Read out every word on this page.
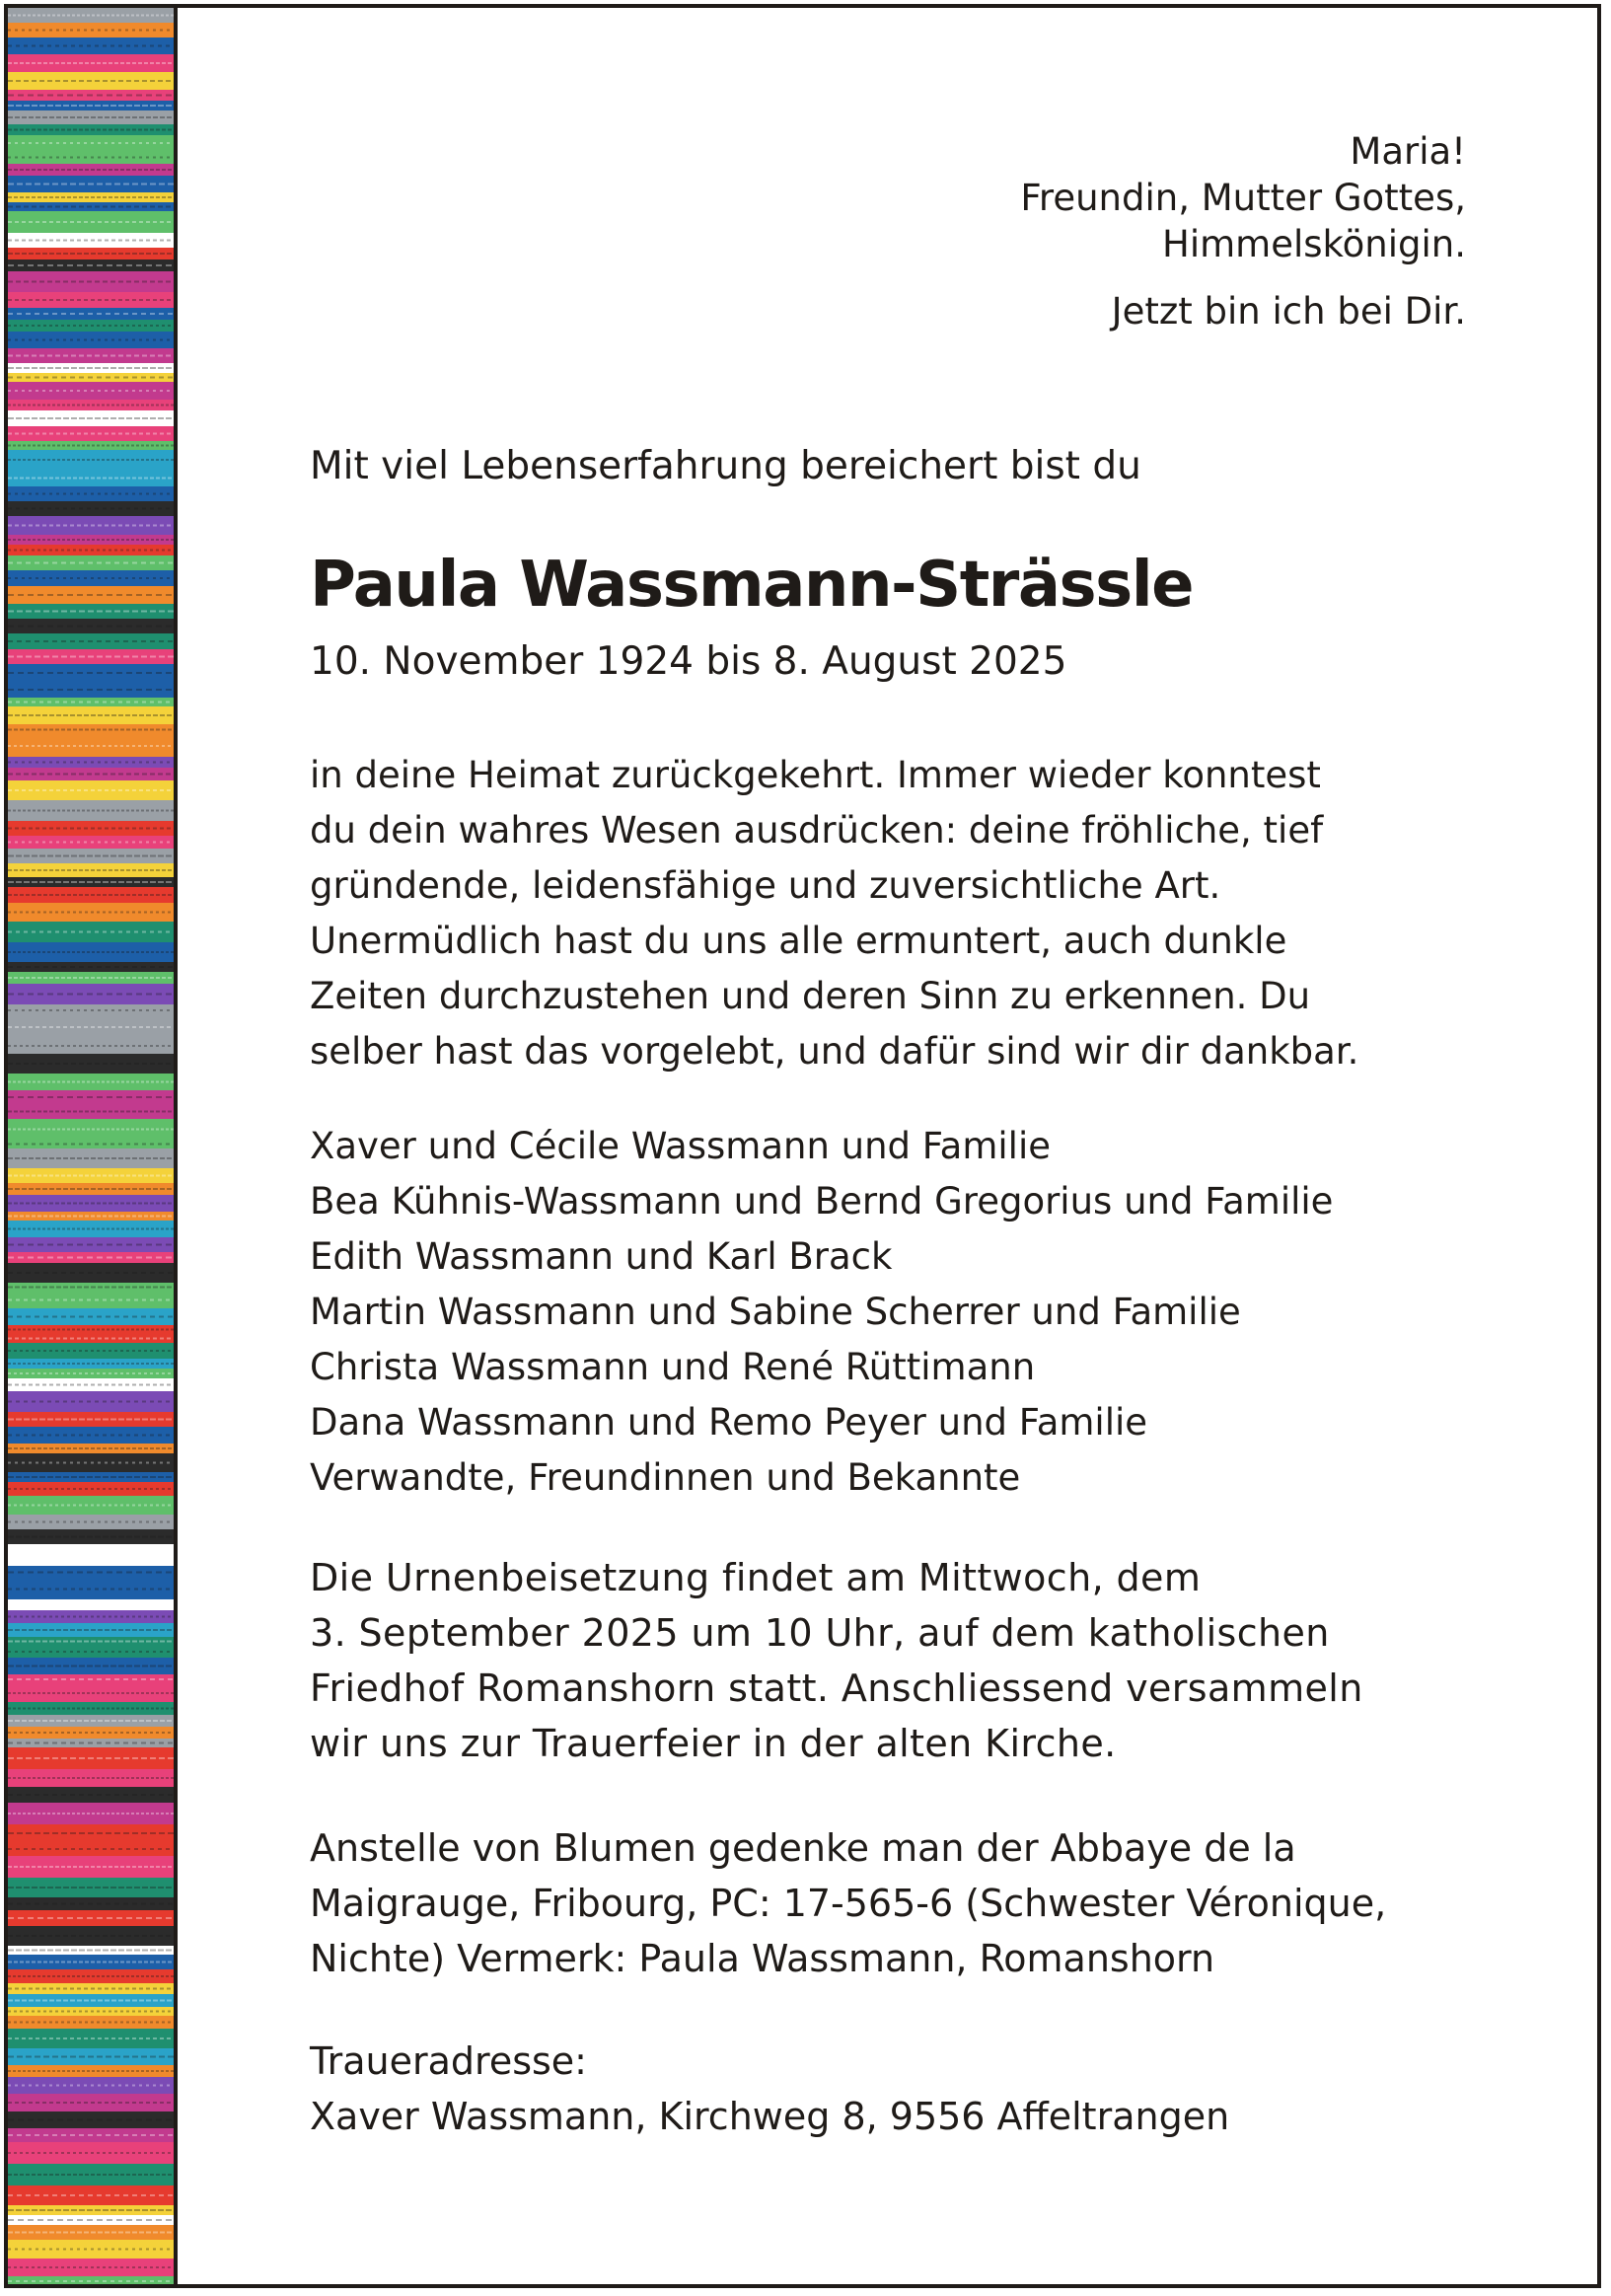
Maria!
Freundin, Mutter Gottes,
Himmelskönigin.
Jetzt bin ich bei Dir.
Mit viel Lebenserfahrung bereichert bist du
Paula Wassmann-Strässle
10. November 1924 bis 8. August 2025
in deine Heimat zurückgekehrt. Immer wieder konntest
du dein wahres Wesen ausdrücken: deine fröhliche, tief
gründende, leidensfähige und zuversichtliche Art.
Unermüdlich hast du uns alle ermuntert, auch dunkle
Zeiten durchzustehen und deren Sinn zu erkennen. Du
selber hast das vorgelebt, und dafür sind wir dir dankbar.
Xaver und Cécile Wassmann und Familie
Bea Kühnis-Wassmann und Bernd Gregorius und Familie
Edith Wassmann und Karl Brack
Martin Wassmann und Sabine Scherrer und Familie
Christa Wassmann und René Rüttimann
Dana Wassmann und Remo Peyer und Familie
Verwandte, Freundinnen und Bekannte
Die Urnenbeisetzung findet am Mittwoch, dem
3. September 2025 um 10 Uhr, auf dem katholischen
Friedhof Romanshorn statt. Anschliessend versammeln
wir uns zur Trauerfeier in der alten Kirche.
Anstelle von Blumen gedenke man der Abbaye de la
Maigrauge, Fribourg, PC: 17-565-6 (Schwester Véronique,
Nichte) Vermerk: Paula Wassmann, Romanshorn
Traueradresse:
Xaver Wassmann, Kirchweg 8, 9556 Affeltrangen
